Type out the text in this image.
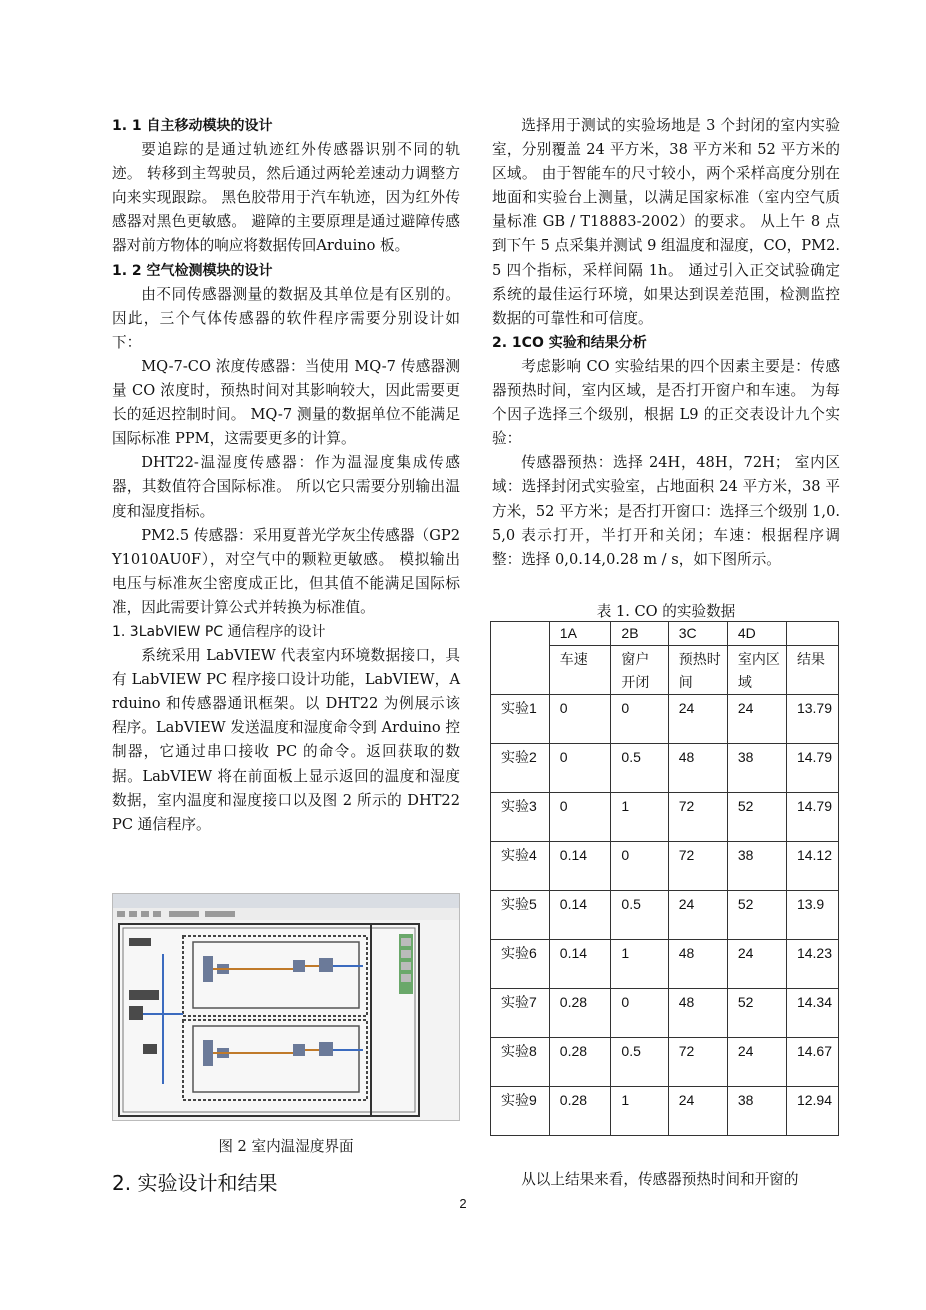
1. 1 自主移动模块的设计

要追踪的是通过轨迹红外传感器识别不同的轨迹。 转移到主驾驶员，然后通过两轮差速动力调整方向来实现跟踪。 黑色胶带用于汽车轨迹，因为红外传感器对黑色更敏感。 避障的主要原理是通过避障传感器对前方物体的响应将数据传回Arduino 板。

1. 2 空气检测模块的设计

由不同传感器测量的数据及其单位是有区别的。 因此，三个气体传感器的软件程序需要分别设计如下：

MQ-7-CO 浓度传感器：当使用 MQ-7 传感器测量 CO 浓度时，预热时间对其影响较大，因此需要更长的延迟控制时间。 MQ-7 测量的数据单位不能满足国际标准 PPM，这需要更多的计算。

DHT22-温湿度传感器：作为温湿度集成传感器，其数值符合国际标准。 所以它只需要分别输出温度和湿度指标。

PM2.5 传感器：采用夏普光学灰尘传感器（GP2Y1010AU0F），对空气中的颗粒更敏感。 模拟输出电压与标准灰尘密度成正比，但其值不能满足国际标准，因此需要计算公式并转换为标准值。

1. 3LabVIEW PC 通信程序的设计

系统采用 LabVIEW 代表室内环境数据接口，具有 LabVIEW PC 程序接口设计功能，LabVIEW，Arduino 和传感器通讯框架。以 DHT22 为例展示该程序。LabVIEW 发送温度和湿度命令到 Arduino 控制器，它通过串口接收 PC 的命令。返回获取的数据。LabVIEW 将在前面板上显示返回的温度和湿度数据，室内温度和湿度接口以及图 2 所示的 DHT22 PC 通信程序。

图 2 室内温湿度界面
2. 实验设计和结果

选择用于测试的实验场地是 3 个封闭的室内实验室，分别覆盖 24 平方米，38 平方米和 52 平方米的区域。 由于智能车的尺寸较小，两个采样高度分别在地面和实验台上测量，以满足国家标准（室内空气质量标准 GB / T18883-2002）的要求。 从上午 8 点到下午 5 点采集并测试 9 组温度和湿度，CO，PM2.5 四个指标，采样间隔 1h。 通过引入正交试验确定系统的最佳运行环境，如果达到误差范围，检测监控数据的可靠性和可信度。

2. 1CO 实验和结果分析

考虑影响 CO 实验结果的四个因素主要是：传感器预热时间，室内区域，是否打开窗户和车速。 为每个因子选择三个级别，根据 L9 的正交表设计九个实验：

传感器预热：选择 24H，48H，72H； 室内区域：选择封闭式实验室，占地面积 24 平方米，38 平方米，52 平方米；是否打开窗口：选择三个级别 1,0.5,0 表示打开，半打开和关闭；车速：根据程序调整：选择 0,0.14,0.28 m / s，如下图所示。

表 1. CO 的实验数据
	1A	2B	3C	4D	
	车速	窗户开闭	预热时间	室内区域	结果
实验1	0	0	24	24	13.79
实验2	0	0.5	48	38	14.79
实验3	0	1	72	52	14.79
实验4	0.14	0	72	38	14.12
实验5	0.14	0.5	24	52	13.9
实验6	0.14	1	48	24	14.23
实验7	0.28	0	48	52	14.34
实验8	0.28	0.5	72	24	14.67
实验9	0.28	1	24	38	12.94

从以上结果来看，传感器预热时间和开窗的

2
